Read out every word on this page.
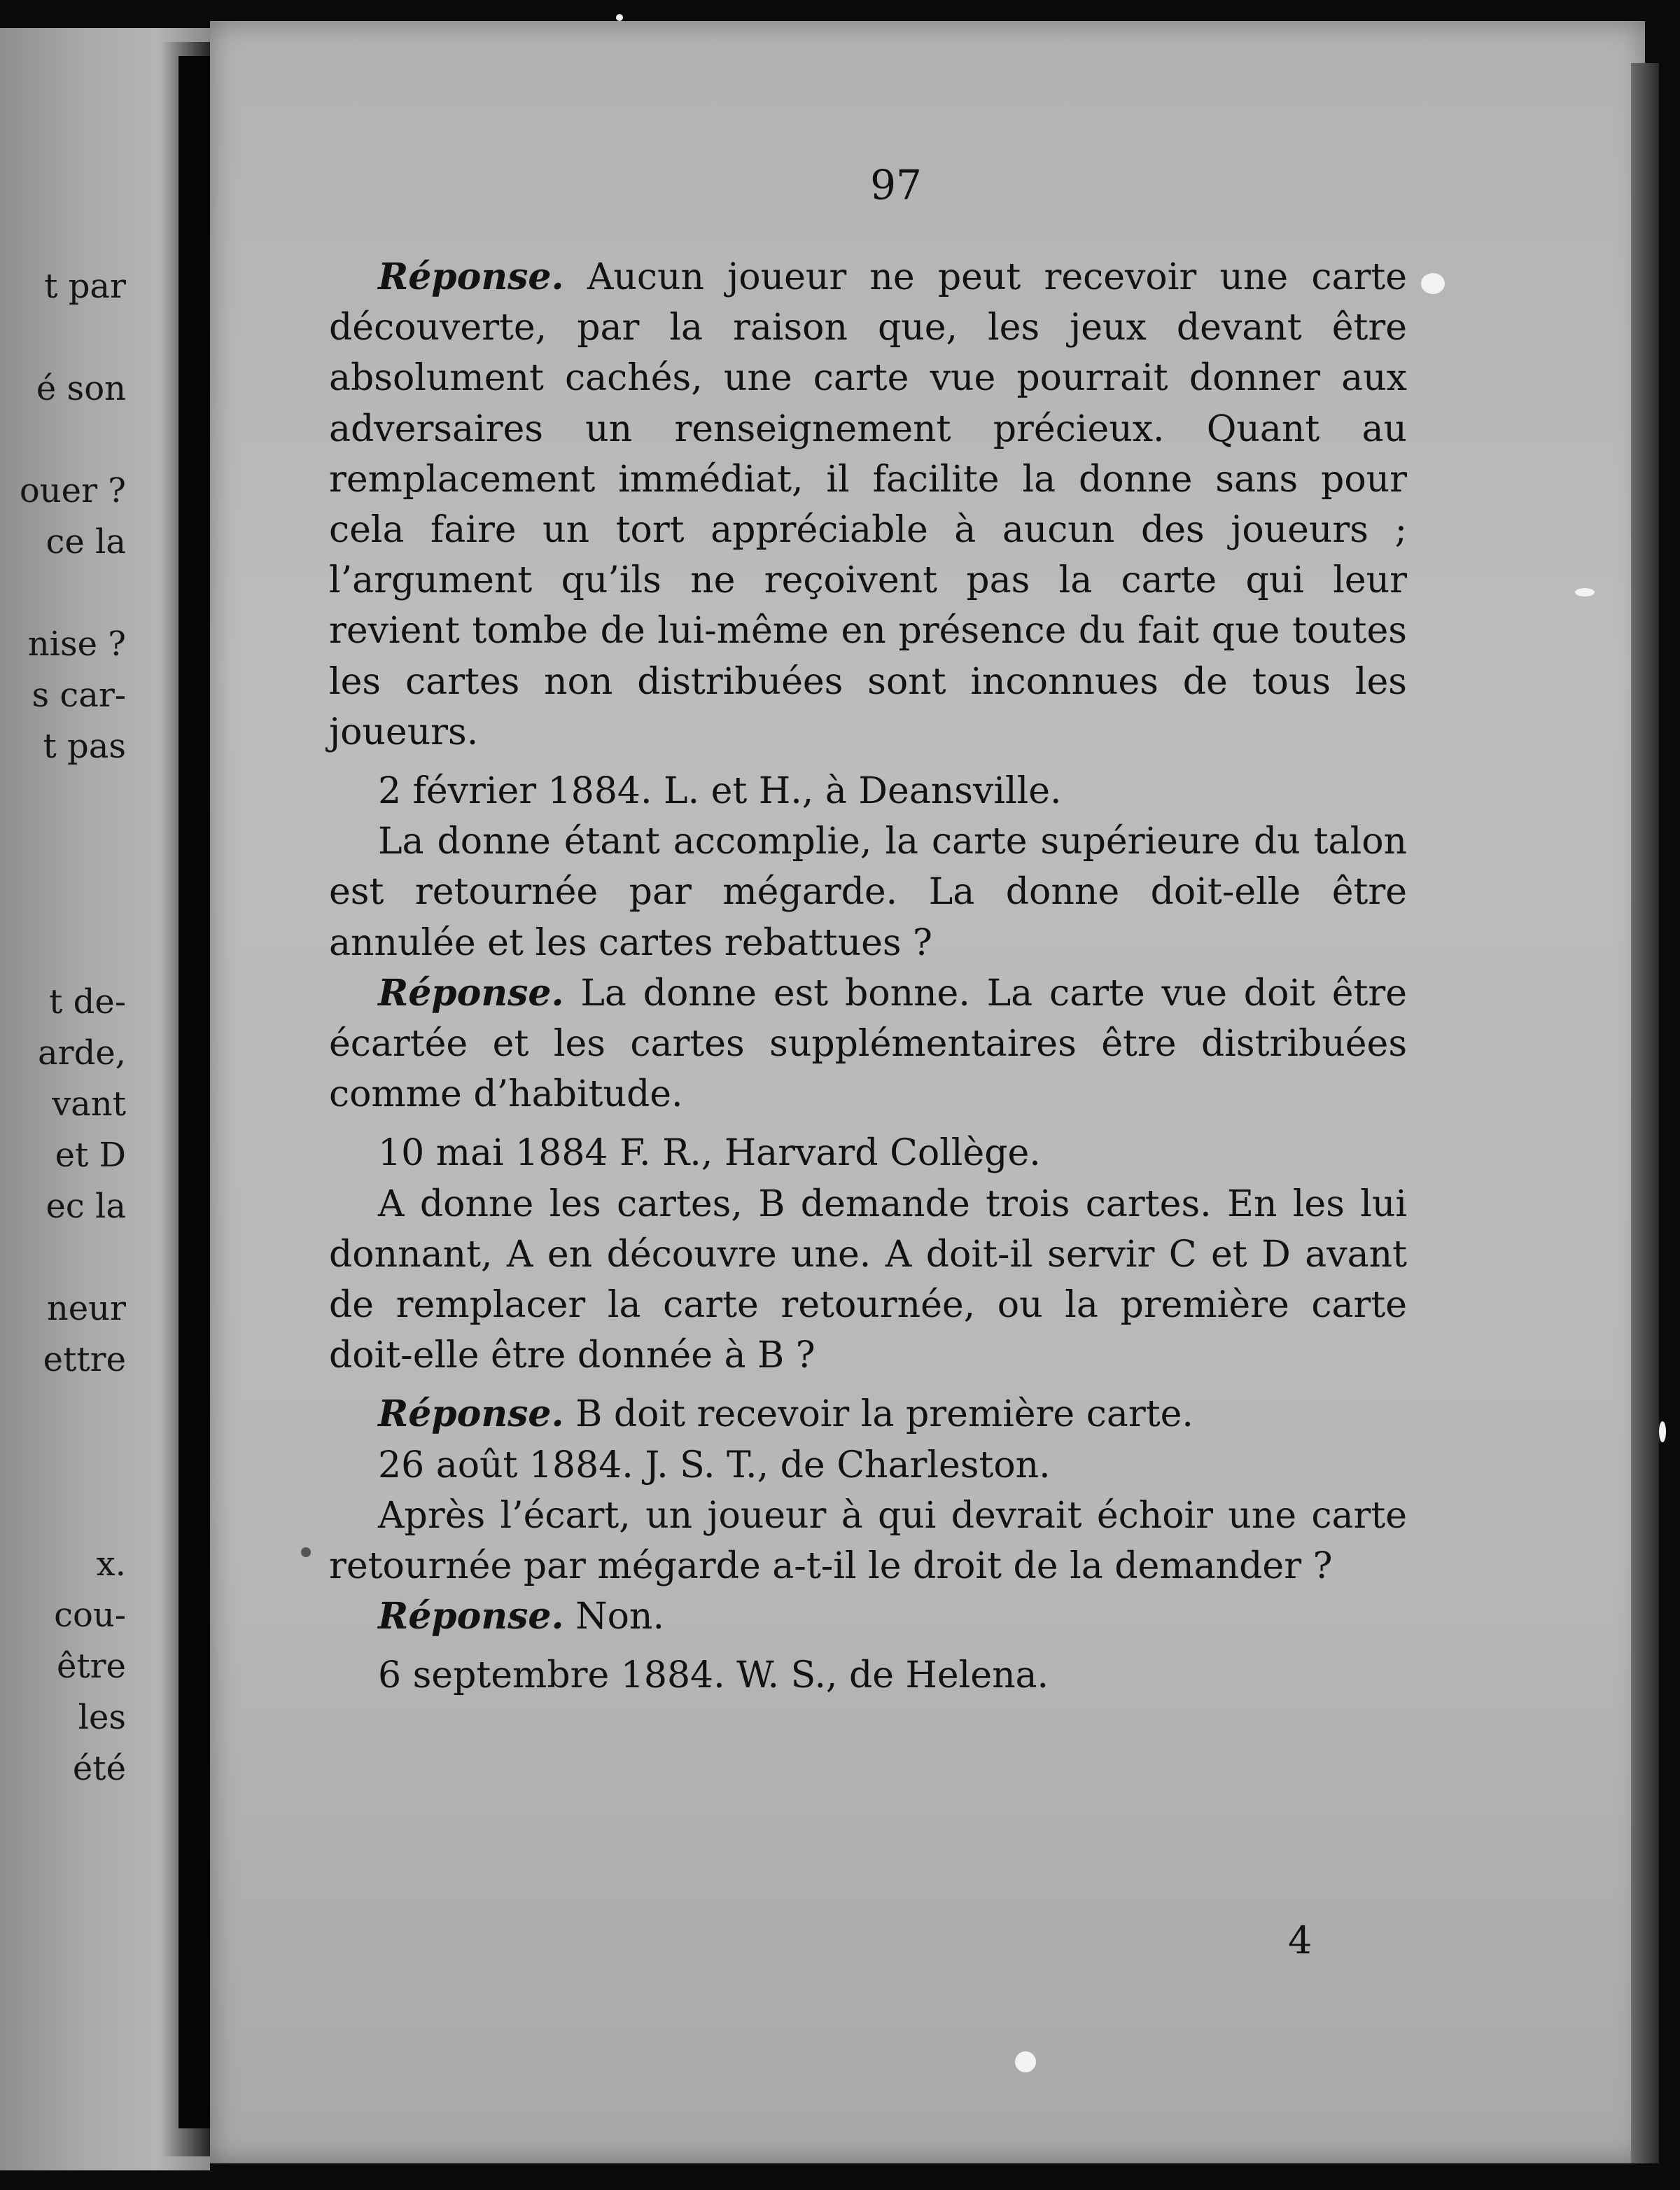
t par
é son
ouer ?
ce la
nise ?
s car-
t pas
t de-
arde,
vant
et D
ec la
neur
ettre
x.
cou-
être
les
été
97

Réponse. Aucun joueur ne peut recevoir une carte découverte, par la raison que, les jeux devant être absolument cachés, une carte vue pourrait donner aux adversaires un renseignement précieux. Quant au remplacement immédiat, il facilite la donne sans pour cela faire un tort appréciable à aucun des joueurs ; l’argument qu’ils ne reçoivent pas la carte qui leur revient tombe de lui-même en présence du fait que toutes les cartes non distribuées sont inconnues de tous les joueurs.

2 février 1884. L. et H., à Deansville.

La donne étant accomplie, la carte supérieure du talon est retournée par mégarde. La donne doit-elle être annulée et les cartes rebattues ?

Réponse. La donne est bonne. La carte vue doit être écartée et les cartes supplémentaires être distribuées comme d’habitude.

10 mai 1884 F. R., Harvard Collège.

A donne les cartes, B demande trois cartes. En les lui donnant, A en découvre une. A doit-il servir C et D avant de remplacer la carte retournée, ou la première carte doit-elle être donnée à B ?

Réponse. B doit recevoir la première carte.

26 août 1884. J. S. T., de Charleston.

Après l’écart, un joueur à qui devrait échoir une carte retournée par mégarde a-t-il le droit de la demander ?

Réponse. Non.

6 septembre 1884. W. S., de Helena.

4
